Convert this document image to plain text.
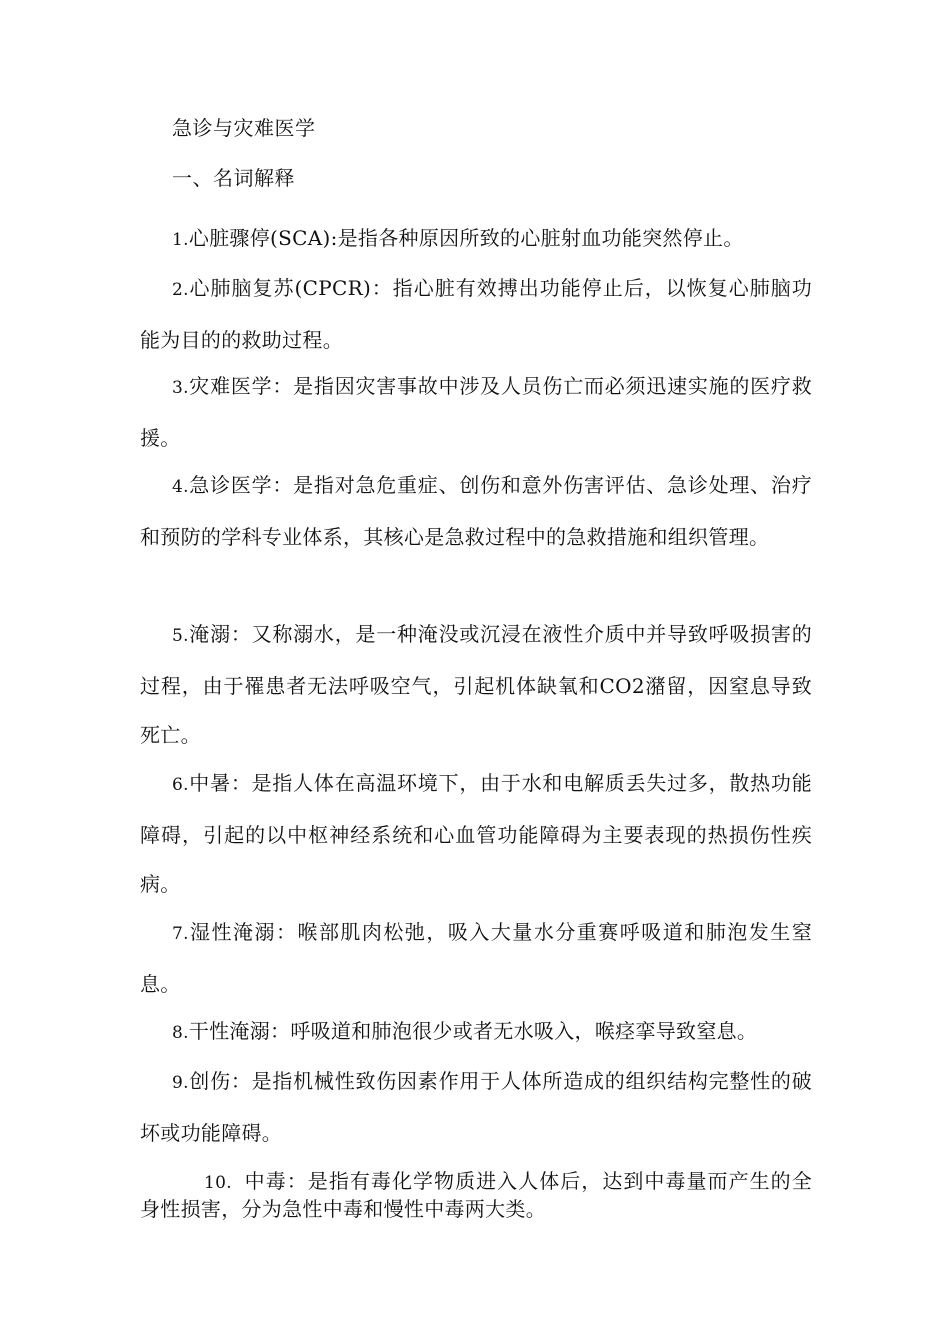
急诊与灾难医学
一、名词解释

1.心脏骤停(SCA):是指各种原因所致的心脏射血功能突然停止。

2.心肺脑复苏(CPCR)：指心脏有效搏出功能停止后，以恢复心肺脑功能为目的的救助过程。

3.灾难医学：是指因灾害事故中涉及人员伤亡而必须迅速实施的医疗救援。

4.急诊医学：是指对急危重症、创伤和意外伤害评估、急诊处理、治疗和预防的学科专业体系，其核心是急救过程中的急救措施和组织管理。

5.淹溺：又称溺水，是一种淹没或沉浸在液性介质中并导致呼吸损害的过程，由于罹患者无法呼吸空气，引起机体缺氧和CO2潴留，因窒息导致死亡。

6.中暑：是指人体在高温环境下，由于水和电解质丢失过多，散热功能障碍，引起的以中枢神经系统和心血管功能障碍为主要表现的热损伤性疾病。

7.湿性淹溺：喉部肌肉松弛，吸入大量水分重赛呼吸道和肺泡发生窒息。

8.干性淹溺：呼吸道和肺泡很少或者无水吸入，喉痉挛导致窒息。

9.创伤：是指机械性致伤因素作用于人体所造成的组织结构完整性的破坏或功能障碍。

10. 中毒：是指有毒化学物质进入人体后，达到中毒量而产生的全身性损害，分为急性中毒和慢性中毒两大类。
